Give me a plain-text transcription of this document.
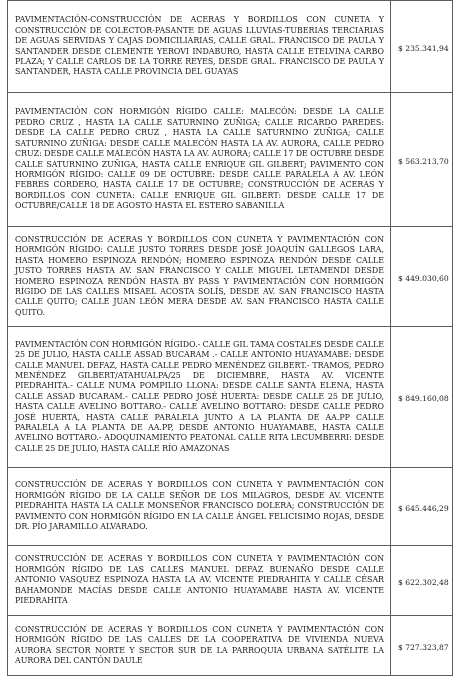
PAVIMENTACIÓN-CONSTRUCCIÓN DE ACERAS Y BORDILLOS CON CUNETA Y CONSTRUCCIÓN DE COLECTOR-PASANTE DE AGUAS LLUVIAS-TUBERIAS TERCIARIAS DE AGUAS SERVIDAS Y CAJAS DOMICILIARIAS, CALLE GRAL. FRANCISCO DE PAULA Y SANTANDER DESDE CLEMENTE YEROVI INDABURO, HASTA CALLE ETELVINA CARBO PLAZA; Y CALLE CARLOS DE LA TORRE REYES, DESDE GRAL. FRANCISCO DE PAULA Y SANTANDER, HASTA CALLE PROVINCIA DEL GUAYAS	$ 235.341,94

PAVIMENTACIÓN CON HORMIGÓN RÍGIDO CALLE: MALECÓN: DESDE LA CALLE PEDRO CRUZ , HASTA LA CALLE SATURNINO ZUÑIGA; CALLE RICARDO PAREDES: DESDE LA CALLE PEDRO CRUZ , HASTA LA CALLE SATURNINO ZUÑIGA; CALLE SATURNINO ZUÑIGA: DESDE CALLE MALECÓN HASTA LA AV. AURORA, CALLE PEDRO CRUZ: DESDE CALLE MALECÓN HASTA LA AV. AURORA; CALLE 17 DE OCTUBRE DESDE CALLE SATURNINO ZUÑIGA, HASTA CALLE ENRIQUE GIL GILBERT; PAVIMENTO CON HORMIGÓN RÍGIDO: CALLE 09 DE OCTUBRE: DESDE CALLE PARALELA A AV. LEÓN FEBRES CORDERO, HASTA CALLE 17 DE OCTUBRE; CONSTRUCCIÓN DE ACERAS Y BORDILLOS CON CUNETA: CALLE ENRIQUE GIL GILBERT: DESDE CALLE 17 DE OCTUBRE/CALLE 18 DE AGOSTO HASTA EL ESTERO SABANILLA	$ 563.213,70

CONSTRUCCIÓN DE ACERAS Y BORDILLOS CON CUNETA Y PAVIMENTACIÓN CON HORMIGÓN RÍGIDO: CALLE JUSTO TORRES DESDE JOSÉ JOAQUÍN GALLEGOS LARA, HASTA HOMERO ESPINOZA RENDÓN; HOMERO ESPINOZA RENDÓN DESDE CALLE JUSTO TORRES HASTA AV. SAN FRANCISCO Y CALLE MIGUEL LETAMENDI DESDE HOMERO ESPINOZA RENDÓN HASTA BY PASS Y PAVIMENTACIÓN CON HORMIGÓN RÍGIDO DE LAS CALLES MISAEL ACOSTA SOLÍS, DESDE AV. SAN FRANCISCO HASTA CALLE QUITO; CALLE JUAN LEÓN MERA DESDE AV. SAN FRANCISCO HASTA CALLE QUITO.	$ 449.030,60

PAVIMENTACIÓN CON HORMIGÓN RÍGIDO.- CALLE GIL TAMA COSTALES DESDE CALLE 25 DE JULIO, HASTA CALLE ASSAD BUCARAM .- CALLE ANTONIO HUAYAMABE: DESDE CALLE MANUEL DEFAZ, HASTA CALLE PEDRO MENÉNDEZ GILBERT.- TRAMOS, PEDRO MENÉNDEZ GILBERT/ATAHUALPA/25 DE DICIEMBRE, HASTA AV. VICENTE PIEDRAHITA.- CALLE NUMA POMPILIO LLONA: DESDE CALLE SANTA ELENA, HASTA CALLE ASSAD BUCARAM.- CALLE PEDRO JOSÉ HUERTA: DESDE CALLE 25 DE JULIO, HASTA CALLE AVELINO BOTTARO.- CALLE AVELINO BOTTARO: DESDE CALLE PEDRO JOSÉ HUERTA, HASTA CALLE PARALELA JUNTO A LA PLANTA DE AA.PP CALLE PARALELA A LA PLANTA DE AA.PP, DESDE ANTONIO HUAYAMABE, HASTA CALLE AVELINO BOTTARO.- ADOQUINAMIENTO PEATONAL CALLE RITA LECUMBERRI: DESDE CALLE 25 DE JULIO, HASTA CALLE RÍO AMAZONAS	$ 849.160,08

CONSTRUCCIÓN DE ACERAS Y BORDILLOS CON CUNETA Y PAVIMENTACIÓN CON HORMIGÓN RÍGIDO DE LA CALLE SEÑOR DE LOS MILAGROS, DESDE AV. VICENTE PIEDRAHITA HASTA LA CALLE MONSEÑOR FRANCISCO DOLERA; CONSTRUCCIÓN DE PAVIMENTO CON HORMIGÓN RÍGIDO EN LA CALLE ÁNGEL FELICISIMO ROJAS, DESDE DR. PÍO JARAMILLO ALVARADO.	$ 645.446,29

CONSTRUCCIÓN DE ACERAS Y BORDILLOS CON CUNETA Y PAVIMENTACIÓN CON HORMIGÓN RÍGIDO DE LAS CALLES MANUEL DEFAZ BUENAÑO DESDE CALLE ANTONIO VASQUEZ ESPINOZA HASTA LA AV. VICENTE PIEDRAHITA Y CALLE CÉSAR BAHAMONDE MACÍAS DESDE CALLE ANTONIO HUAYAMABE HASTA AV. VICENTE PIEDRAHITA	$ 622.302,48

CONSTRUCCIÓN DE ACERAS Y BORDILLOS CON CUNETA Y PAVIMENTACIÓN CON HORMIGÓN RÍGIDO DE LAS CALLES DE LA COOPERATIVA DE VIVIENDA NUEVA AURORA SECTOR NORTE Y SECTOR SUR DE LA PARROQUIA URBANA SATÉLITE LA AURORA DEL CANTÓN DAULE	$ 727.323,87
